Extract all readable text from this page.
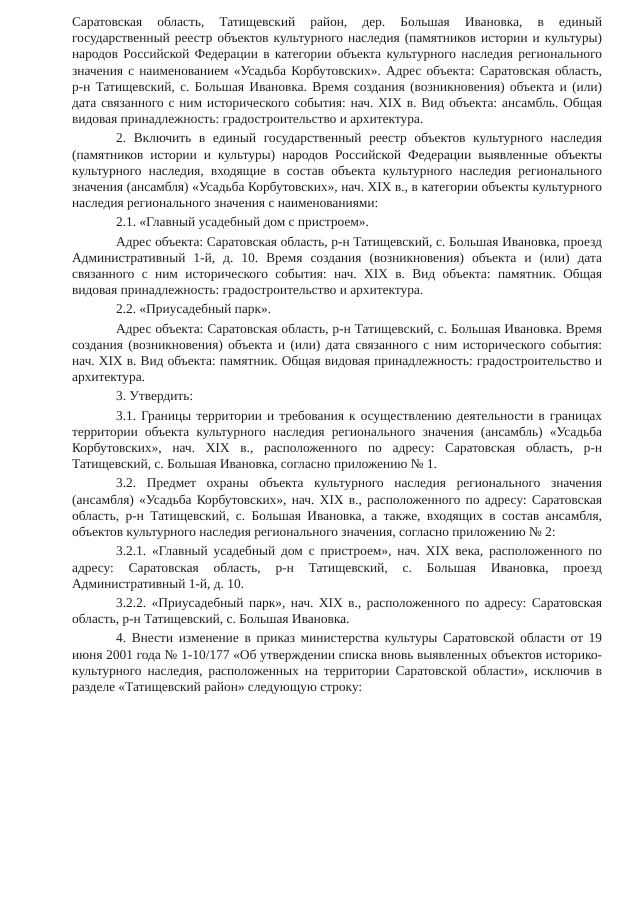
Саратовская область, Татищевский район, дер. Большая Ивановка, в единый государственный реестр объектов культурного наследия (памятников истории и культуры) народов Российской Федерации в категории объекта культурного наследия регионального значения с наименованием «Усадьба Корбутовских». Адрес объекта: Саратовская область, р-н Татищевский, с. Большая Ивановка. Время создания (возникновения) объекта и (или) дата связанного с ним исторического события: нач. XIX в. Вид объекта: ансамбль. Общая видовая принадлежность: градостроительство и архитектура.

2. Включить в единый государственный реестр объектов культурного наследия (памятников истории и культуры) народов Российской Федерации выявленные объекты культурного наследия, входящие в состав объекта культурного наследия регионального значения (ансамбля) «Усадьба Корбутовских», нач. XIX в., в категории объекты культурного наследия регионального значения с наименованиями:

2.1. «Главный усадебный дом с пристроем».

Адрес объекта: Саратовская область, р-н Татищевский, с. Большая Ивановка, проезд Административный 1-й, д. 10. Время создания (возникновения) объекта и (или) дата связанного с ним исторического события: нач. XIX в. Вид объекта: памятник. Общая видовая принадлежность: градостроительство и архитектура.

2.2. «Приусадебный парк».

Адрес объекта: Саратовская область, р-н Татищевский, с. Большая Ивановка. Время создания (возникновения) объекта и (или) дата связанного с ним исторического события: нач. XIX в. Вид объекта: памятник. Общая видовая принадлежность: градостроительство и архитектура.

3. Утвердить:

3.1. Границы территории и требования к осуществлению деятельности в границах территории объекта культурного наследия регионального значения (ансамбль) «Усадьба Корбутовских», нач. XIX в., расположенного по адресу: Саратовская область, р-н Татищевский, с. Большая Ивановка, согласно приложению № 1.

3.2. Предмет охраны объекта культурного наследия регионального значения (ансамбля) «Усадьба Корбутовских», нач. XIX в., расположенного по адресу: Саратовская область, р-н Татищевский, с. Большая Ивановка, а также, входящих в состав ансамбля, объектов культурного наследия регионального значения, согласно приложению № 2:

3.2.1. «Главный усадебный дом с пристроем», нач. XIX века, расположенного по адресу: Саратовская область, р-н Татищевский, с. Большая Ивановка, проезд Административный 1-й, д. 10.

3.2.2. «Приусадебный парк», нач. XIX в., расположенного по адресу: Саратовская область, р-н Татищевский, с. Большая Ивановка.

4. Внести изменение в приказ министерства культуры Саратовской области от 19 июня 2001 года № 1-10/177 «Об утверждении списка вновь выявленных объектов историко-культурного наследия, расположенных на территории Саратовской области», исключив в разделе «Татищевский район» следующую строку:
